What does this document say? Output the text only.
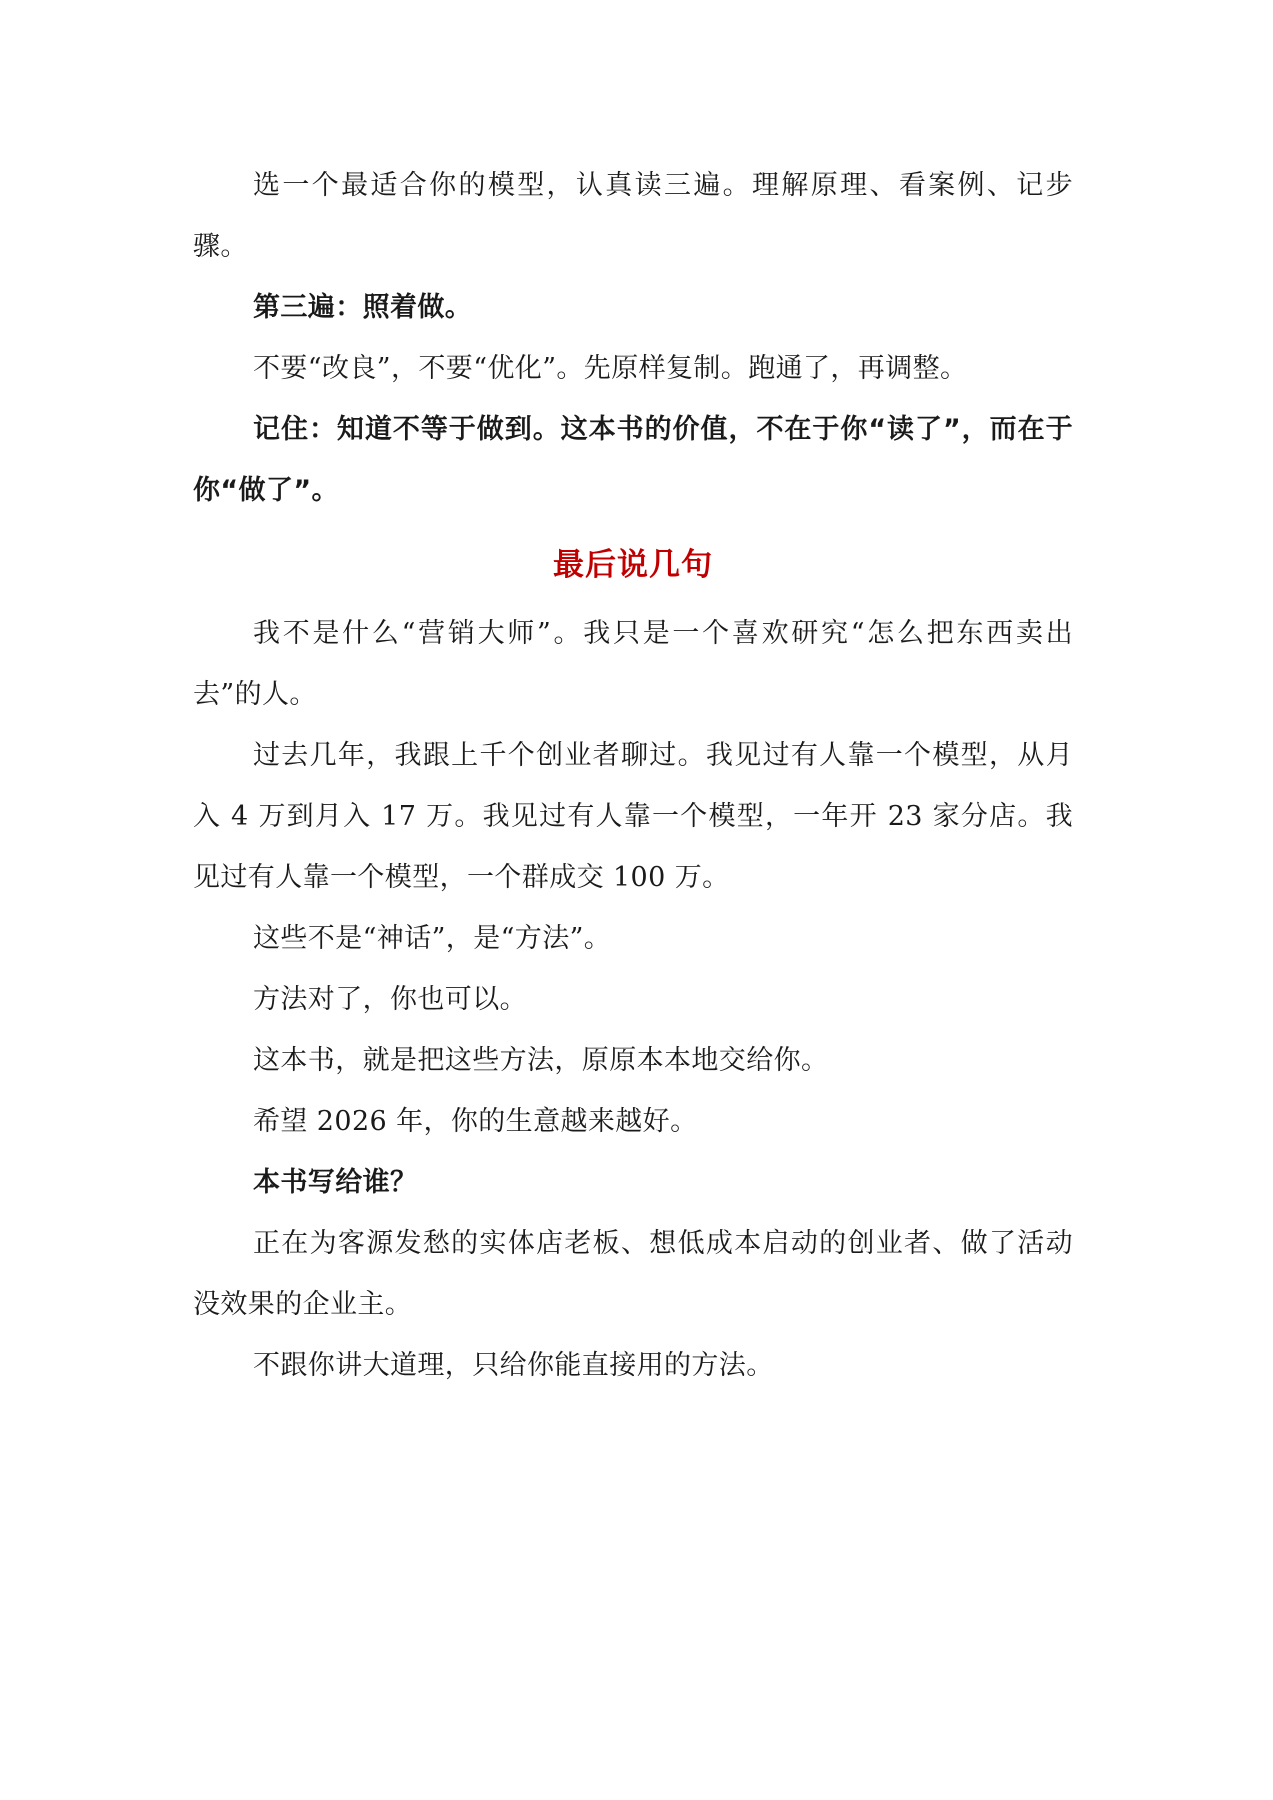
选一个最适合你的模型，认真读三遍。理解原理、看案例、记步骤。

第三遍：照着做。

不要“改良”，不要“优化”。先原样复制。跑通了，再调整。

记住：知道不等于做到。这本书的价值，不在于你“读了”，而在于你“做了”。

最后说几句

我不是什么“营销大师”。我只是一个喜欢研究“怎么把东西卖出去”的人。

过去几年，我跟上千个创业者聊过。我见过有人靠一个模型，从月入 4 万到月入 17 万。我见过有人靠一个模型，一年开 23 家分店。我见过有人靠一个模型，一个群成交 100 万。

这些不是“神话”，是“方法”。

方法对了，你也可以。

这本书，就是把这些方法，原原本本地交给你。

希望 2026 年，你的生意越来越好。

本书写给谁？

正在为客源发愁的实体店老板、想低成本启动的创业者、做了活动没效果的企业主。

不跟你讲大道理，只给你能直接用的方法。
